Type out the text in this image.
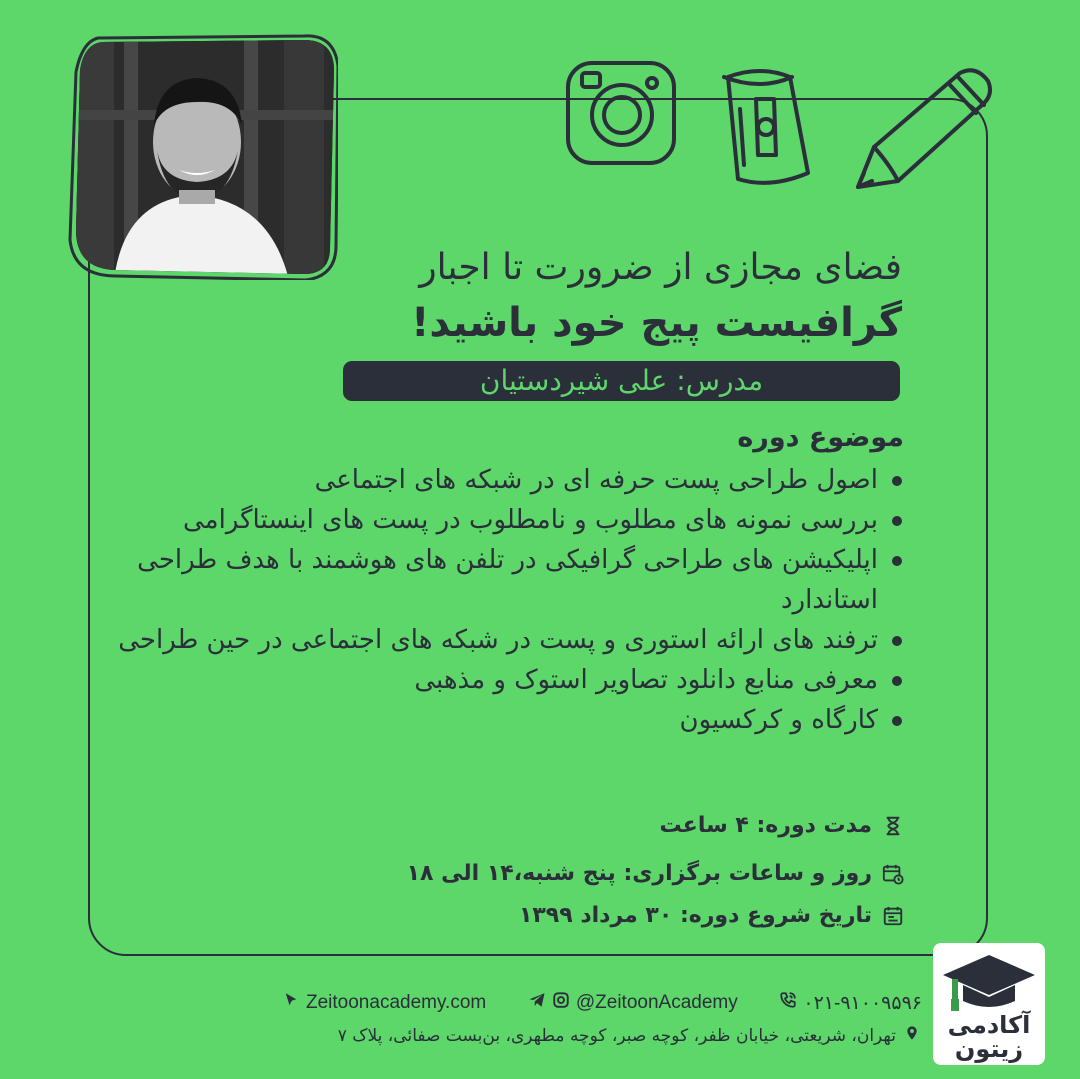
فضای مجازی از ضرورت تا اجبار
گرافیست پیج خود باشید!
مدرس: علی شیردستیان
موضوع دوره
اصول طراحی پست حرفه ای در شبکه های اجتماعی
بررسی نمونه های مطلوب و نامطلوب در پست های اینستاگرامی
اپلیکیشن های طراحی گرافیکی در تلفن های هوشمند با هدف طراحی استاندارد
ترفند های ارائه استوری و پست در شبکه های اجتماعی در حین طراحی
معرفی منابع دانلود تصاویر استوک و مذهبی
کارگاه و کرکسیون
مدت دوره: ۴ ساعت
روز و ساعات برگزاری: پنج شنبه،۱۴ الی ۱۸
تاریخ شروع دوره: ۳۰ مرداد ۱۳۹۹
Zeitoonacademy.com	@ZeitoonAcademy	۰۲۱-۹۱۰۰۹۵۹۶
تهران، شریعتی، خیابان ظفر، کوچه صبر، کوچه مطهری، بن‌بست صفائی، پلاک ۷	آکادمی زیتون
